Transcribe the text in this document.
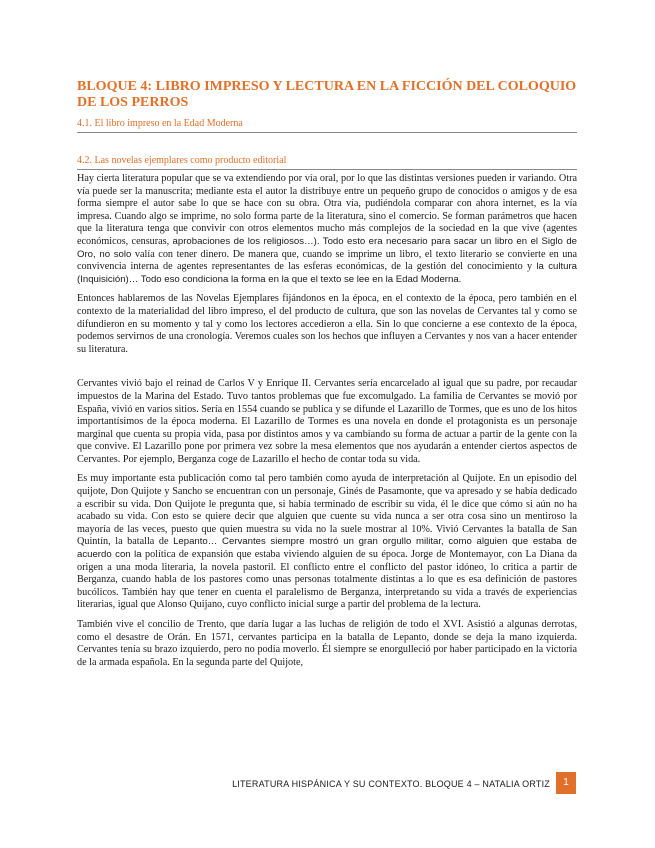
BLOQUE 4: LIBRO IMPRESO Y LECTURA EN LA FICCIÓN DEL COLOQUIO DE LOS PERROS
4.1. El libro impreso en la Edad Moderna
4.2. Las novelas ejemplares como producto editorial

Hay cierta literatura popular que se va extendiendo por vía oral, por lo que las distintas versiones pueden ir variando. Otra vía puede ser la manuscrita; mediante esta el autor la distribuye entre un pequeño grupo de conocidos o amigos y de esa forma siempre el autor sabe lo que se hace con su obra. Otra vía, pudiéndola comparar con ahora internet, es la vía impresa. Cuando algo se imprime, no solo forma parte de la literatura, sino el comercio. Se forman parámetros que hacen que la literatura tenga que convivir con otros elementos mucho más complejos de la sociedad en la que vive (agentes económicos, censuras, aprobaciones de los religiosos…). Todo esto era necesario para sacar un libro en el Siglo de Oro, no solo valía con tener dinero. De manera que, cuando se imprime un libro, el texto literario se convierte en una convivencia interna de agentes representantes de las esferas económicas, de la gestión del conocimiento y la cultura (Inquisición)… Todo eso condiciona la forma en la que el texto se lee en la Edad Moderna.

Entonces hablaremos de las Novelas Ejemplares fijándonos en la época, en el contexto de la época, pero también en el contexto de la materialidad del libro impreso, el del producto de cultura, que son las novelas de Cervantes tal y como se difundieron en su momento y tal y como los lectores accedieron a ella. Sin lo que concierne a ese contexto de la época, podemos servirnos de una cronología. Veremos cuales son los hechos que influyen a Cervantes y nos van a hacer entender su literatura.

Cervantes vivió bajo el reinad de Carlos V y Enrique II. Cervantes sería encarcelado al igual que su padre, por recaudar impuestos de la Marina del Estado. Tuvo tantos problemas que fue excomulgado. La familia de Cervantes se movió por España, vivió en varios sitios. Sería en 1554 cuando se publica y se difunde el Lazarillo de Tormes, que es uno de los hitos importantísimos de la época moderna. El Lazarillo de Tormes es una novela en donde el protagonista es un personaje marginal que cuenta su propia vida, pasa por distintos amos y va cambiando su forma de actuar a partir de la gente con la que convive. El Lazarillo pone por primera vez sobre la mesa elementos que nos ayudarán a entender ciertos aspectos de Cervantes. Por ejemplo, Berganza coge de Lazarillo el hecho de contar toda su vida.

Es muy importante esta publicación como tal pero también como ayuda de interpretación al Quijote. En un episodio del quijote, Don Quijote y Sancho se encuentran con un personaje, Ginés de Pasamonte, que va apresado y se había dedicado a escribir su vida. Don Quijote le pregunta que, si había terminado de escribir su vida, él le dice que cómo si aún no ha acabado su vida. Con esto se quiere decir que alguien que cuente su vida nunca a ser otra cosa sino un mentiroso la mayoría de las veces, puesto que quien muestra su vida no la suele mostrar al 10%. Vivió Cervantes la batalla de San Quintín, la batalla de Lepanto… Cervantes siempre mostró un gran orgullo militar, como alguien que estaba de acuerdo con la política de expansión que estaba viviendo alguien de su época. Jorge de Montemayor, con La Diana da origen a una moda literaria, la novela pastoril. El conflicto entre el conflicto del pastor idóneo, lo critica a partir de Berganza, cuando habla de los pastores como unas personas totalmente distintas a lo que es esa definición de pastores bucólicos. También hay que tener en cuenta el paralelismo de Berganza, interpretando su vida a través de experiencias literarias, igual que Alonso Quijano, cuyo conflicto inicial surge a partir del problema de la lectura.

También vive el concilio de Trento, que daría lugar a las luchas de religión de todo el XVI. Asistió a algunas derrotas, como el desastre de Orán. En 1571, cervantes participa en la batalla de Lepanto, donde se deja la mano izquierda. Cervantes tenía su brazo izquierdo, pero no podía moverlo. Él siempre se enorgulleció por haber participado en la victoria de la armada española. En la segunda parte del Quijote,

LITERATURA HISPÁNICA Y SU CONTEXTO. BLOQUE 4 – NATALIA ORTIZ	1
